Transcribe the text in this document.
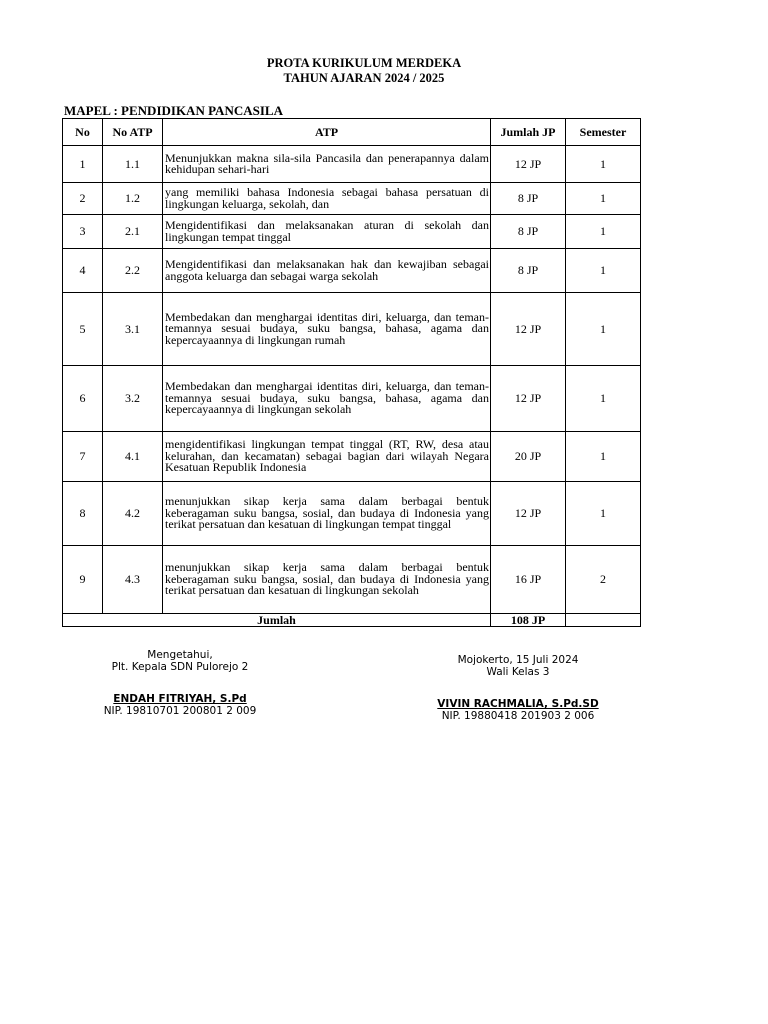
PROTA KURIKULUM MERDEKA
TAHUN AJARAN 2024 / 2025
MAPEL : PENDIDIKAN PANCASILA
No	No ATP	ATP	Jumlah JP	Semester
1	1.1	Menunjukkan makna sila-sila Pancasila dan penerapannya dalam kehidupan sehari-hari	12 JP	1
2	1.2	yang memiliki bahasa Indonesia sebagai bahasa persatuan di lingkungan keluarga, sekolah, dan	8 JP	1
3	2.1	Mengidentifikasi dan melaksanakan aturan di sekolah dan lingkungan tempat tinggal	8 JP	1
4	2.2	Mengidentifikasi dan melaksanakan hak dan kewajiban sebagai anggota keluarga dan sebagai warga sekolah	8 JP	1
5	3.1	Membedakan dan menghargai identitas diri, keluarga, dan teman-temannya sesuai budaya, suku bangsa, bahasa, agama dan kepercayaannya di lingkungan rumah	12 JP	1
6	3.2	Membedakan dan menghargai identitas diri, keluarga, dan teman-temannya sesuai budaya, suku bangsa, bahasa, agama dan kepercayaannya di lingkungan sekolah	12 JP	1
7	4.1	mengidentifikasi lingkungan tempat tinggal (RT, RW, desa atau kelurahan, dan kecamatan) sebagai bagian dari wilayah Negara Kesatuan Republik Indonesia	20 JP	1
8	4.2	menunjukkan sikap kerja sama dalam berbagai bentuk keberagaman suku bangsa, sosial, dan budaya di Indonesia yang terikat persatuan dan kesatuan di lingkungan tempat tinggal	12 JP	1
9	4.3	menunjukkan sikap kerja sama dalam berbagai bentuk keberagaman suku bangsa, sosial, dan budaya di Indonesia yang terikat persatuan dan kesatuan di lingkungan sekolah	16 JP	2
Jumlah			108 JP	
Mengetahui,
Plt. Kepala SDN Pulorejo 2
ENDAH FITRIYAH, S.Pd
NIP. 19810701 200801 2 009
Mojokerto, 15 Juli 2024
Wali Kelas 3
VIVIN RACHMALIA, S.Pd.SD
NIP. 19880418 201903 2 006
